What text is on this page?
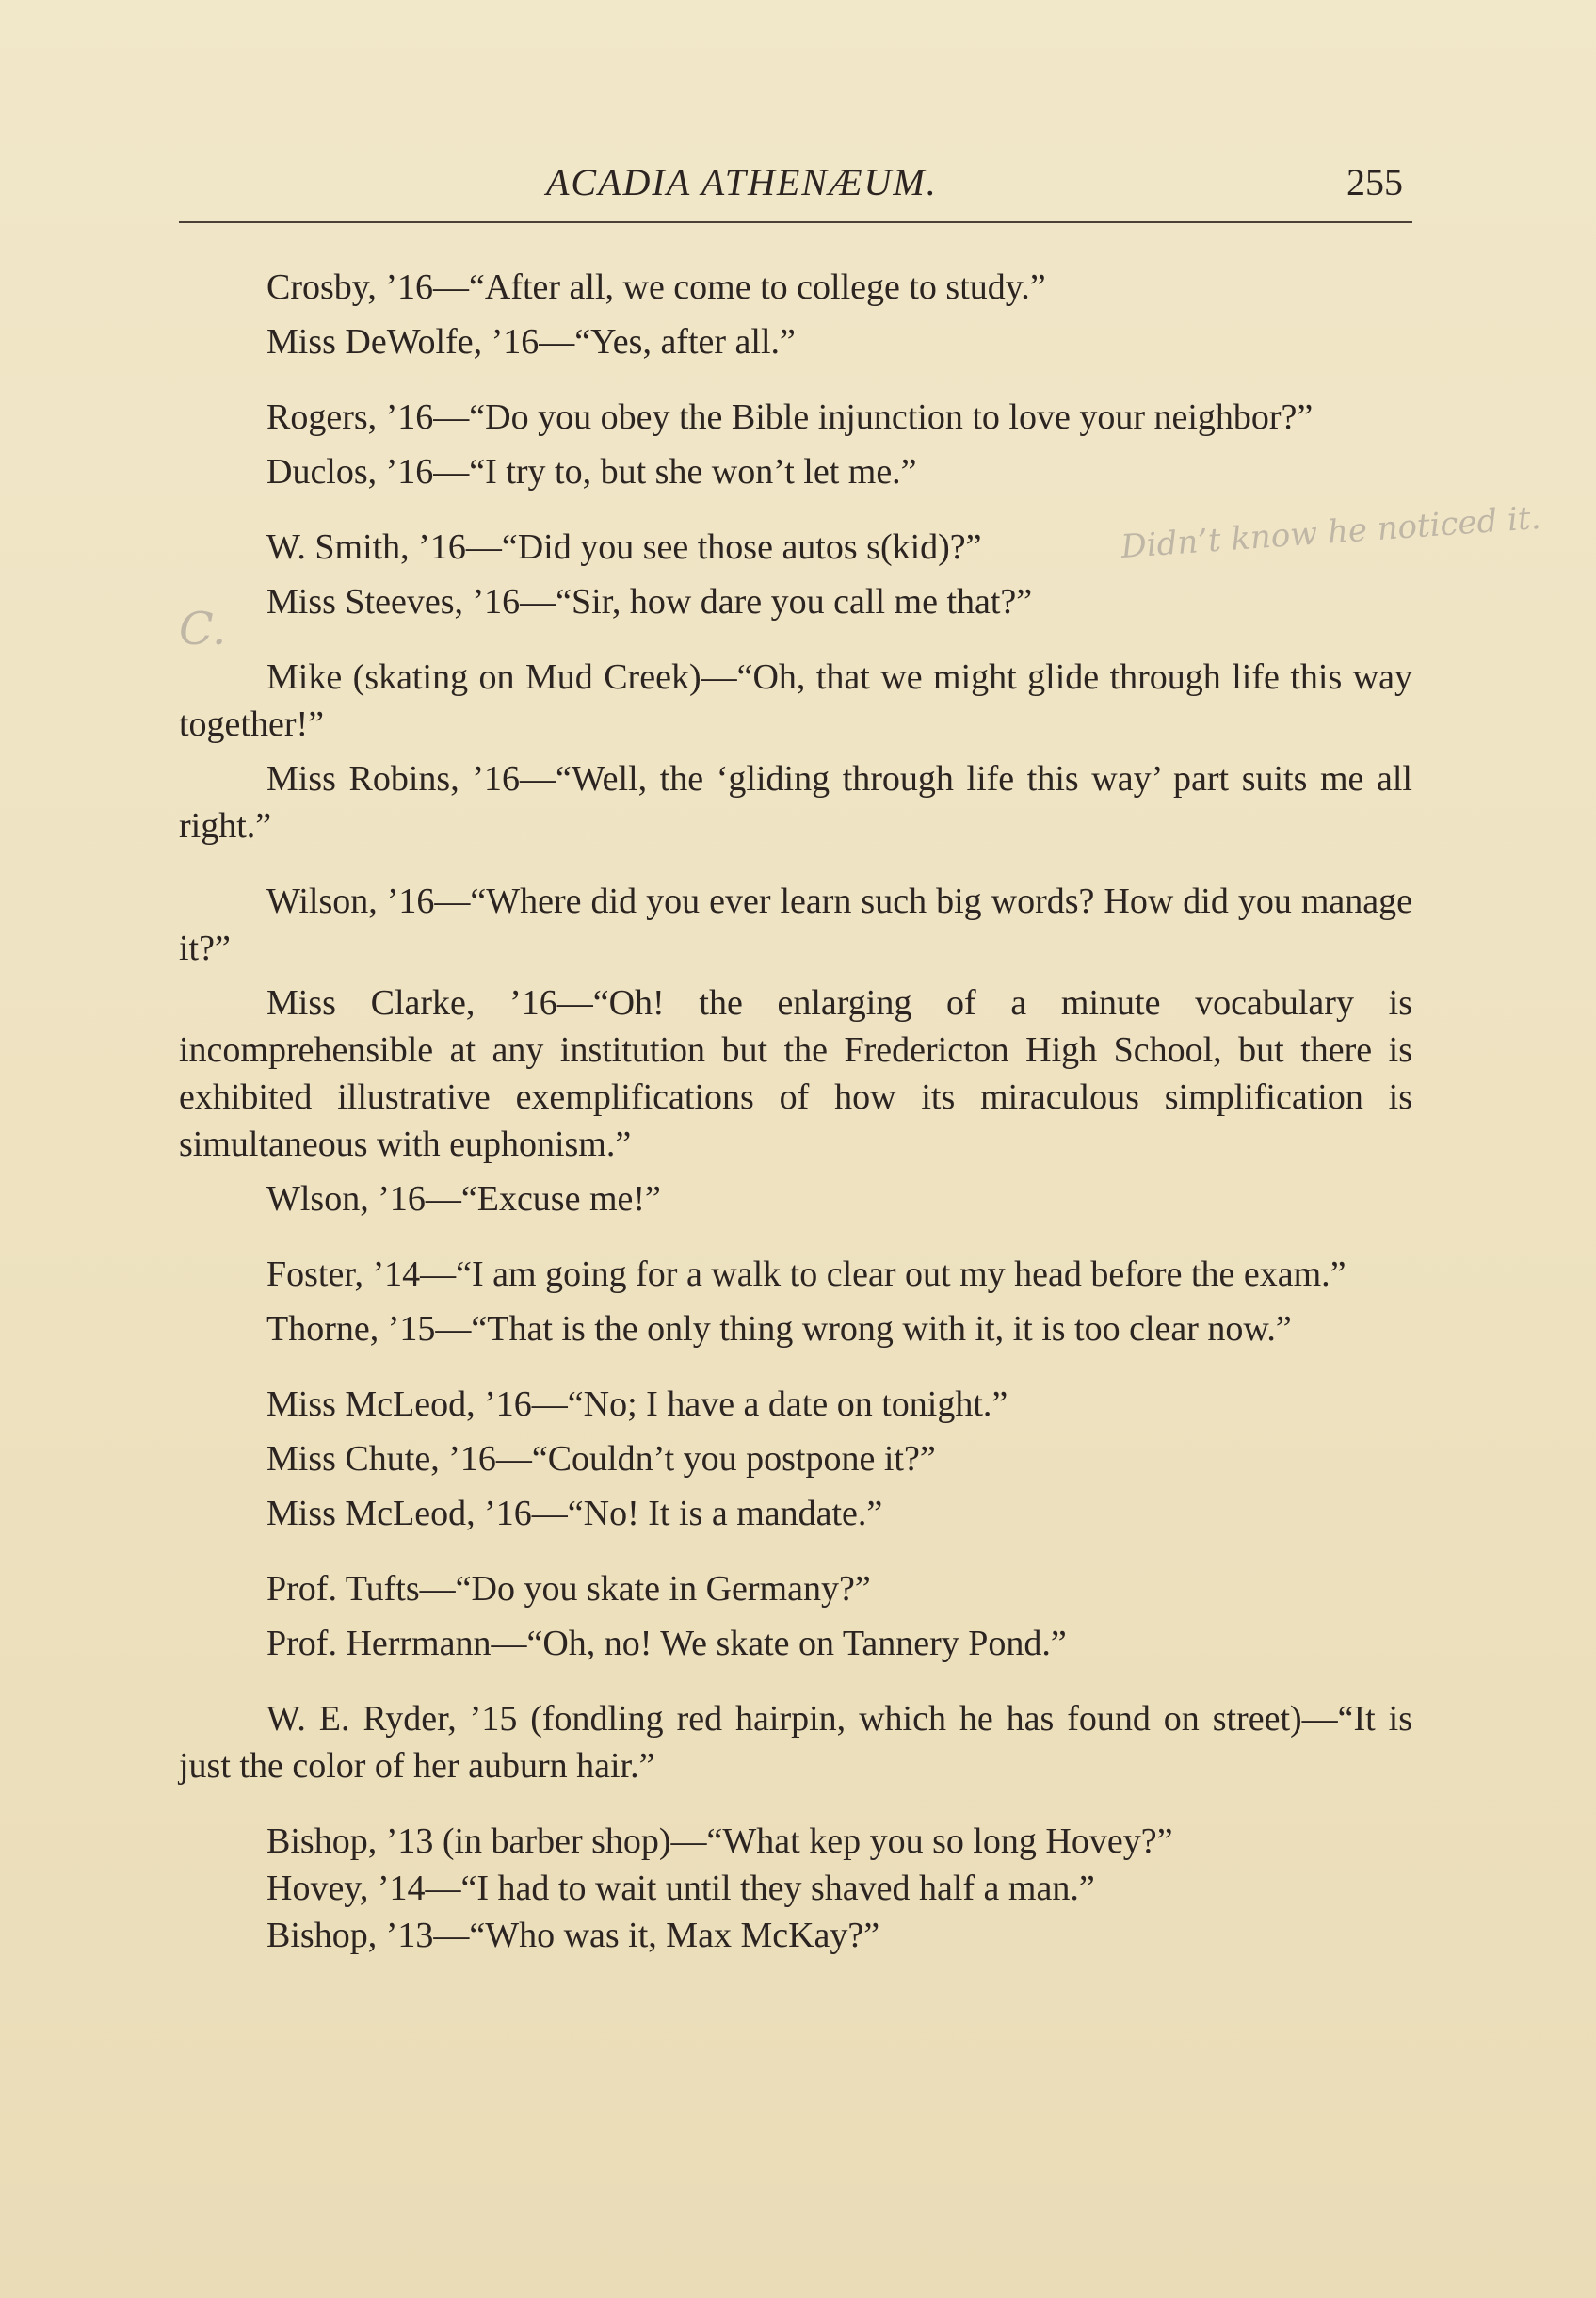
ACADIA ATHENÆUM.	255
Didn’t know he noticed it.
C.

Crosby, ’16—“After all, we come to college to study.”

Miss DeWolfe, ’16—“Yes, after all.”

Rogers, ’16—“Do you obey the Bible injunction to love your neighbor?”

Duclos, ’16—“I try to, but she won’t let me.”

W. Smith, ’16—“Did you see those autos s(kid)?”

Miss Steeves, ’16—“Sir, how dare you call me that?”

Mike (skating on Mud Creek)—“Oh, that we might glide through life this way together!”

Miss Robins, ’16—“Well, the ‘gliding through life this way’ part suits me all right.”

Wilson, ’16—“Where did you ever learn such big words? How did you manage it?”

Miss Clarke, ’16—“Oh! the enlarging of a minute vocabulary is incomprehensible at any institution but the Fredericton High School, but there is exhibited illustrative exemplifications of how its miraculous simplification is simultaneous with euphonism.”

Wlson, ’16—“Excuse me!”

Foster, ’14—“I am going for a walk to clear out my head before the exam.”

Thorne, ’15—“That is the only thing wrong with it, it is too clear now.”

Miss McLeod, ’16—“No; I have a date on tonight.”

Miss Chute, ’16—“Couldn’t you postpone it?”

Miss McLeod, ’16—“No! It is a mandate.”

Prof. Tufts—“Do you skate in Germany?”

Prof. Herrmann—“Oh, no! We skate on Tannery Pond.”

W. E. Ryder, ’15 (fondling red hairpin, which he has found on street)—“It is just the color of her auburn hair.”

Bishop, ’13 (in barber shop)—“What kep you so long Hovey?”

Hovey, ’14—“I had to wait until they shaved half a man.”

Bishop, ’13—“Who was it, Max McKay?”
